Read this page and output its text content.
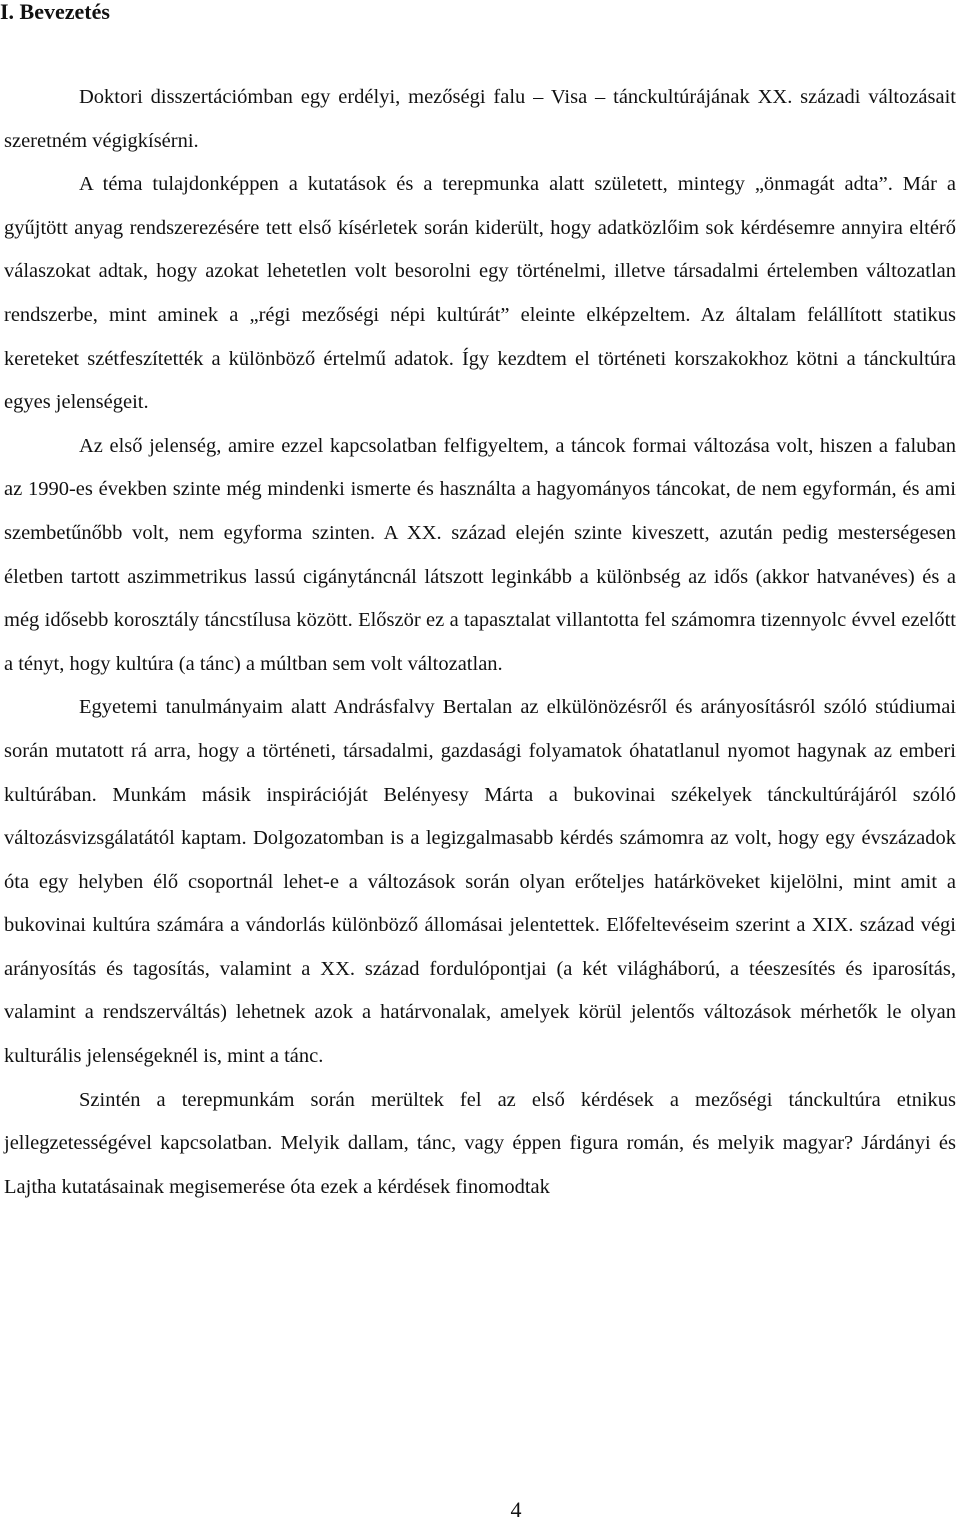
I. Bevezetés

Doktori disszertációmban egy erdélyi, mezőségi falu – Visa – tánckultúrájának XX. századi változásait szeretném végigkísérni.

A téma tulajdonképpen a kutatások és a terepmunka alatt született, mintegy „önmagát adta”. Már a gyűjtött anyag rendszerezésére tett első kísérletek során kiderült, hogy adatközlőim sok kérdésemre annyira eltérő válaszokat adtak, hogy azokat lehetetlen volt besorolni egy történelmi, illetve társadalmi értelemben változatlan rendszerbe, mint aminek a „régi mezőségi népi kultúrát” eleinte elképzeltem. Az általam felállított statikus kereteket szétfeszítették a különböző értelmű adatok. Így kezdtem el történeti korszakokhoz kötni a tánckultúra egyes jelenségeit.

Az első jelenség, amire ezzel kapcsolatban felfigyeltem, a táncok formai változása volt, hiszen a faluban az 1990-es években szinte még mindenki ismerte és használta a hagyományos táncokat, de nem egyformán, és ami szembetűnőbb volt, nem egyforma szinten. A XX. század elején szinte kiveszett, azután pedig mesterségesen életben tartott aszimmetrikus lassú cigánytáncnál látszott leginkább a különbség az idős (akkor hatvanéves) és a még idősebb korosztály táncstílusa között. Először ez a tapasztalat villantotta fel számomra tizennyolc évvel ezelőtt a tényt, hogy kultúra (a tánc) a múltban sem volt változatlan.

Egyetemi tanulmányaim alatt Andrásfalvy Bertalan az elkülönözésről és arányosításról szóló stúdiumai során mutatott rá arra, hogy a történeti, társadalmi, gazdasági folyamatok óhatatlanul nyomot hagynak az emberi kultúrában. Munkám másik inspirációját Belényesy Márta a bukovinai székelyek tánckultúrájáról szóló változásvizsgálatától kaptam. Dolgozatomban is a legizgalmasabb kérdés számomra az volt, hogy egy évszázadok óta egy helyben élő csoportnál lehet-e a változások során olyan erőteljes határköveket kijelölni, mint amit a bukovinai kultúra számára a vándorlás különböző állomásai jelentettek. Előfeltevéseim szerint a XIX. század végi arányosítás és tagosítás, valamint a XX. század fordulópontjai (a két világháború, a téeszesítés és iparosítás, valamint a rendszerváltás) lehetnek azok a határvonalak, amelyek körül jelentős változások mérhetők le olyan kulturális jelenségeknél is, mint a tánc.

Szintén a terepmunkám során merültek fel az első kérdések a mezőségi tánckultúra etnikus jellegzetességével kapcsolatban. Melyik dallam, tánc, vagy éppen figura román, és melyik magyar? Járdányi és Lajtha kutatásainak megisemerése óta ezek a kérdések finomodtak

4
